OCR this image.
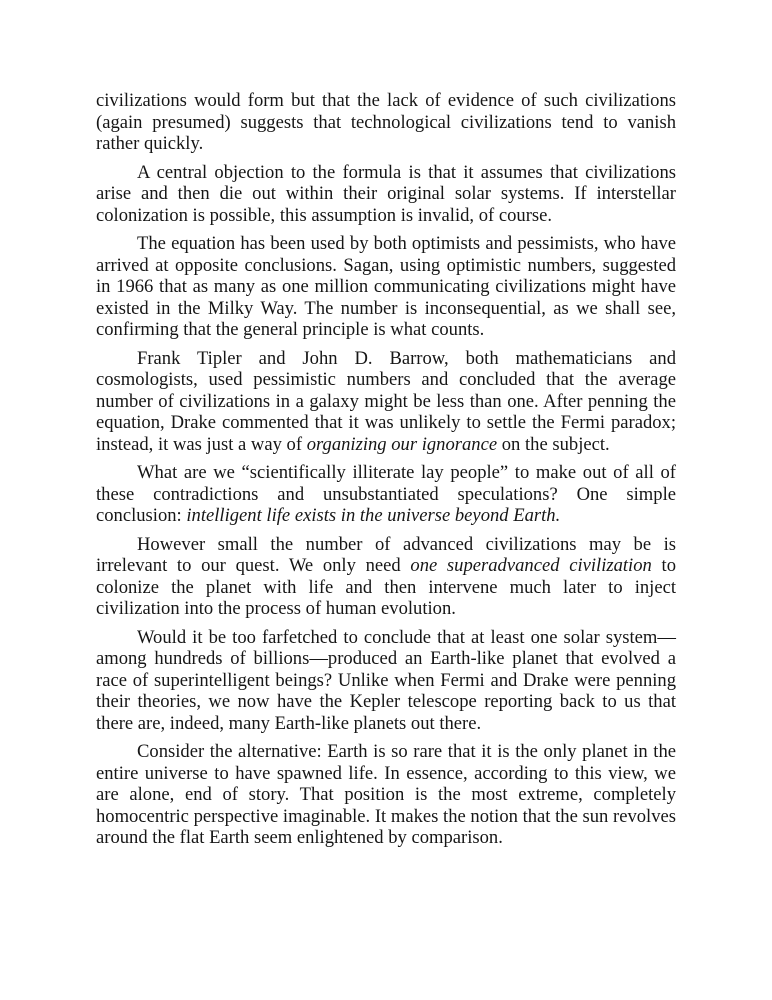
civilizations would form but that the lack of evidence of such civilizations (again presumed) suggests that technological civilizations tend to vanish rather quickly.

A central objection to the formula is that it assumes that civilizations arise and then die out within their original solar systems. If interstellar colonization is possible, this assumption is invalid, of course.

The equation has been used by both optimists and pessimists, who have arrived at opposite conclusions. Sagan, using optimistic numbers, suggested in 1966 that as many as one million communicating civilizations might have existed in the Milky Way. The number is inconsequential, as we shall see, confirming that the general principle is what counts.

Frank Tipler and John D. Barrow, both mathematicians and cosmologists, used pessimistic numbers and concluded that the average number of civilizations in a galaxy might be less than one. After penning the equation, Drake commented that it was unlikely to settle the Fermi paradox; instead, it was just a way of organizing our ignorance on the subject.

What are we “scientifically illiterate lay people” to make out of all of these contradictions and unsubstantiated speculations? One simple conclusion: intelligent life exists in the universe beyond Earth.

However small the number of advanced civilizations may be is irrelevant to our quest. We only need one superadvanced civilization to colonize the planet with life and then intervene much later to inject civilization into the process of human evolution.

Would it be too farfetched to conclude that at least one solar system—among hundreds of billions—produced an Earth-like planet that evolved a race of superintelligent beings? Unlike when Fermi and Drake were penning their theories, we now have the Kepler telescope reporting back to us that there are, indeed, many Earth-like planets out there.

Consider the alternative: Earth is so rare that it is the only planet in the entire universe to have spawned life. In essence, according to this view, we are alone, end of story. That position is the most extreme, completely homocentric perspective imaginable. It makes the notion that the sun revolves around the flat Earth seem enlightened by comparison.
